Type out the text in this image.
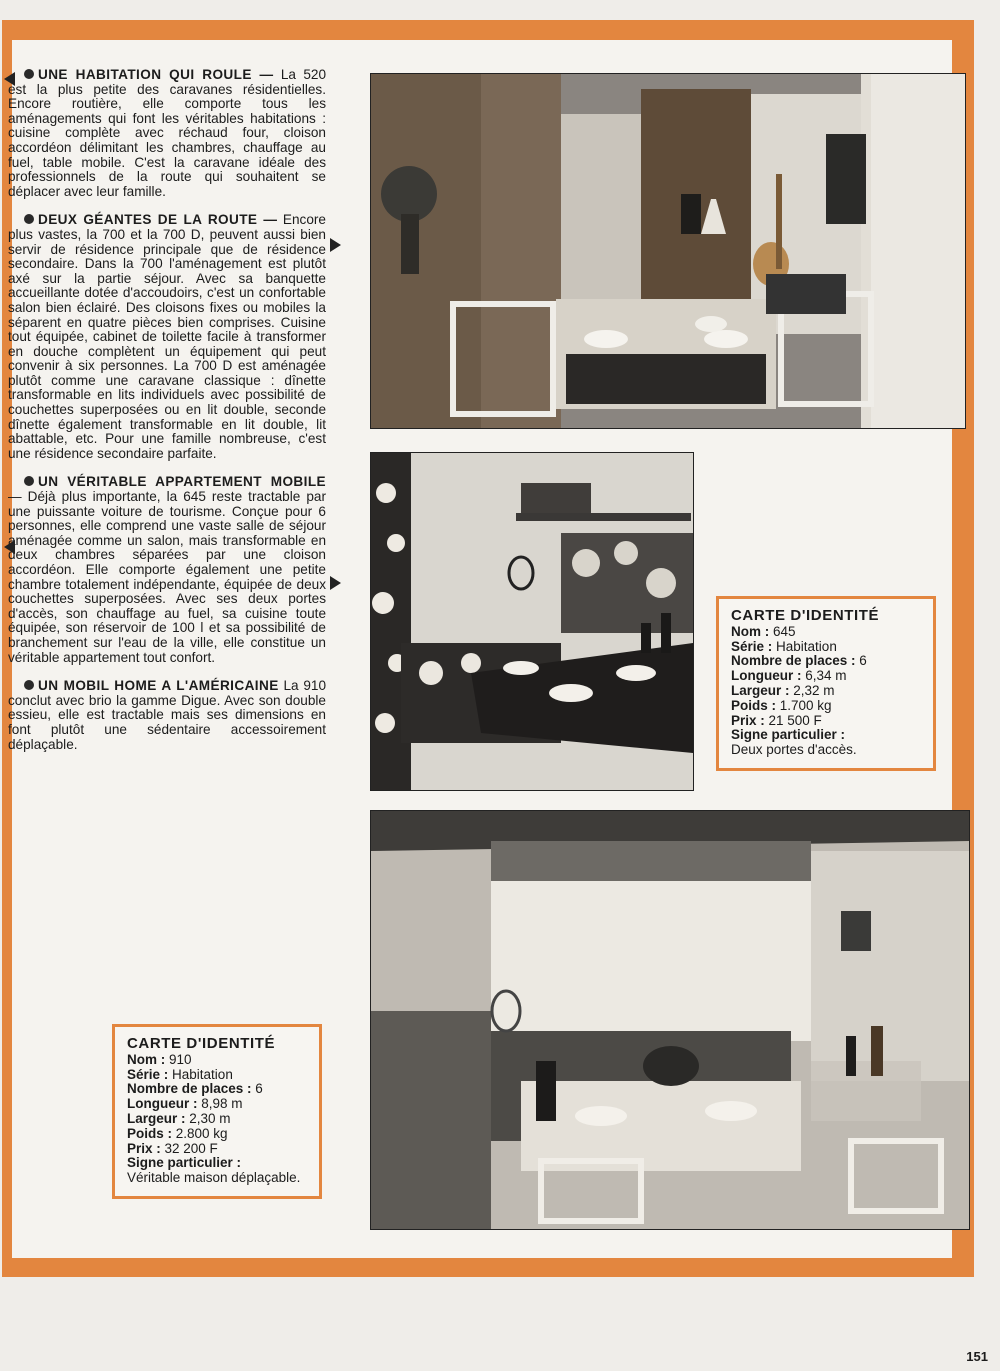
UNE HABITATION QUI ROULE — La 520 est la plus petite des caravanes résidentielles. Encore routière, elle comporte tous les aménagements qui font les véritables habitations : cuisine complète avec réchaud four, cloison accordéon délimitant les chambres, chauffage au fuel, table mobile. C'est la caravane idéale des professionnels de la route qui souhaitent se déplacer avec leur famille.
DEUX GÉANTES DE LA ROUTE — Encore plus vastes, la 700 et la 700 D, peuvent aussi bien servir de résidence principale que de résidence secondaire. Dans la 700 l'aménagement est plutôt axé sur la partie séjour. Avec sa banquette accueillante dotée d'accoudoirs, c'est un confortable salon bien éclairé. Des cloisons fixes ou mobiles la séparent en quatre pièces bien comprises. Cuisine tout équipée, cabinet de toilette facile à transformer en douche complètent un équipement qui peut convenir à six personnes. La 700 D est aménagée plutôt comme une caravane classique : dînette transformable en lits individuels avec possibilité de couchettes superposées ou en lit double, seconde dînette également transformable en lit double, lit abattable, etc. Pour une famille nombreuse, c'est une résidence secondaire parfaite.
UN VÉRITABLE APPARTEMENT MOBILE — Déjà plus importante, la 645 reste tractable par une puissante voiture de tourisme. Conçue pour 6 personnes, elle comprend une vaste salle de séjour aménagée comme un salon, mais transformable en deux chambres séparées par une cloison accordéon. Elle comporte également une petite chambre totalement indépendante, équipée de deux couchettes superposées. Avec ses deux portes d'accès, son chauffage au fuel, sa cuisine toute équipée, son réservoir de 100 l et sa possibilité de branchement sur l'eau de la ville, elle constitue un véritable appartement tout confort.
UN MOBIL HOME A L'AMÉRICAINE La 910 conclut avec brio la gamme Digue. Avec son double essieu, elle est tractable mais ses dimensions en font plutôt une sédentaire accessoirement déplaçable.
CARTE D'IDENTITÉ
Nom : 645
Série : Habitation
Nombre de places : 6
Longueur : 6,34 m
Largeur : 2,32 m
Poids : 1.700 kg
Prix : 21 500 F
Signe particulier :
Deux portes d'accès.
CARTE D'IDENTITÉ
Nom : 910
Série : Habitation
Nombre de places : 6
Longueur : 8,98 m
Largeur : 2,30 m
Poids : 2.800 kg
Prix : 32 200 F
Signe particulier :
Véritable maison déplaçable.
151
